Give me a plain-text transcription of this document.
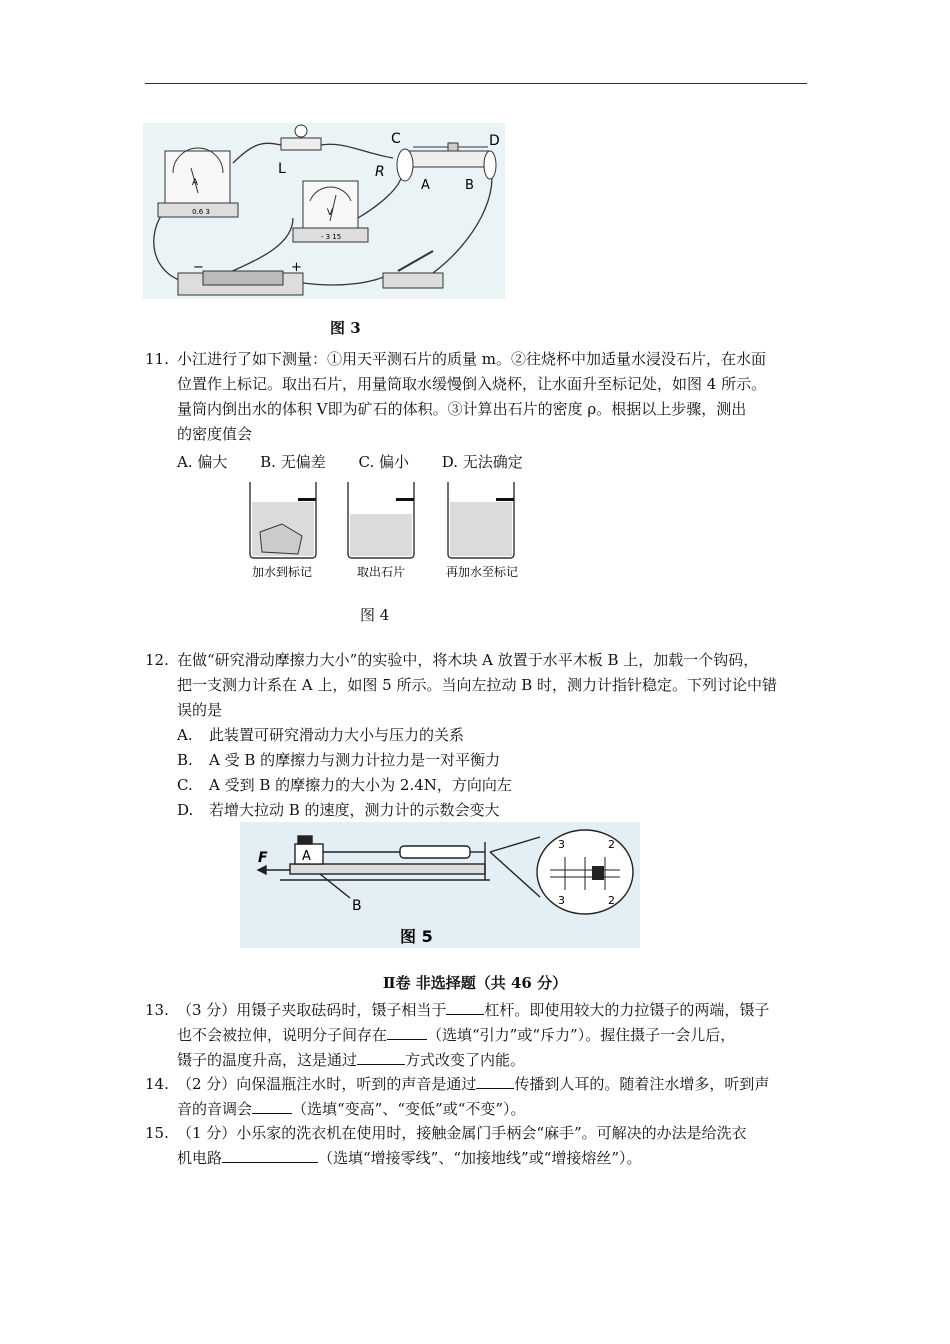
A
0.6 3
L
V
- 3 15
C	D
R
A	B
−	+
图 3
11. 小江进行了如下测量：①用天平测石片的质量 m。②往烧杯中加适量水浸没石片，在水面
位置作上标记。取出石片，用量筒取水缓慢倒入烧杯，让水面升至标记处，如图 4 所示。
量筒内倒出水的体积 V即为矿石的体积。③计算出石片的密度 ρ。根据以上步骤，测出
的密度值会
A. 偏大 B. 无偏差 C. 偏小 D. 无法确定
加水到标记	取出石片	再加水至标记
图 4
12. 在做“研究滑动摩擦力大小”的实验中，将木块 A 放置于水平木板 B 上，加载一个钩码，
把一支测力计系在 A 上，如图 5 所示。当向左拉动 B 时，测力计指针稳定。下列讨论中错
误的是
A. 此装置可研究滑动力大小与压力的关系
B. A 受 B 的摩擦力与测力计拉力是一对平衡力
C. A 受到 B 的摩擦力的大小为 2.4N，方向向左
D. 若增大拉动 B 的速度，测力计的示数会变大
F	A
B
3	2
3	2
图 5
Ⅱ卷 非选择题（共 46 分）
13. （3 分）用镊子夹取砝码时，镊子相当于	杠杆。即使用较大的力拉镊子的两端，镊子
也不会被拉伸，说明分子间存在	（选填“引力”或“斥力”）。握住摄子一会儿后，
镊子的温度升高，这是通过	方式改变了内能。
14. （2 分）向保温瓶注水时，听到的声音是通过	传播到人耳的。随着注水增多，听到声
音的音调会	（选填“变高”、“变低”或“不变”）。
15. （1 分）小乐家的洗衣机在使用时，接触金属门手柄会“麻手”。可解决的办法是给洗衣
机电路	（选填“增接零线”、“加接地线”或“增接熔丝”）。
